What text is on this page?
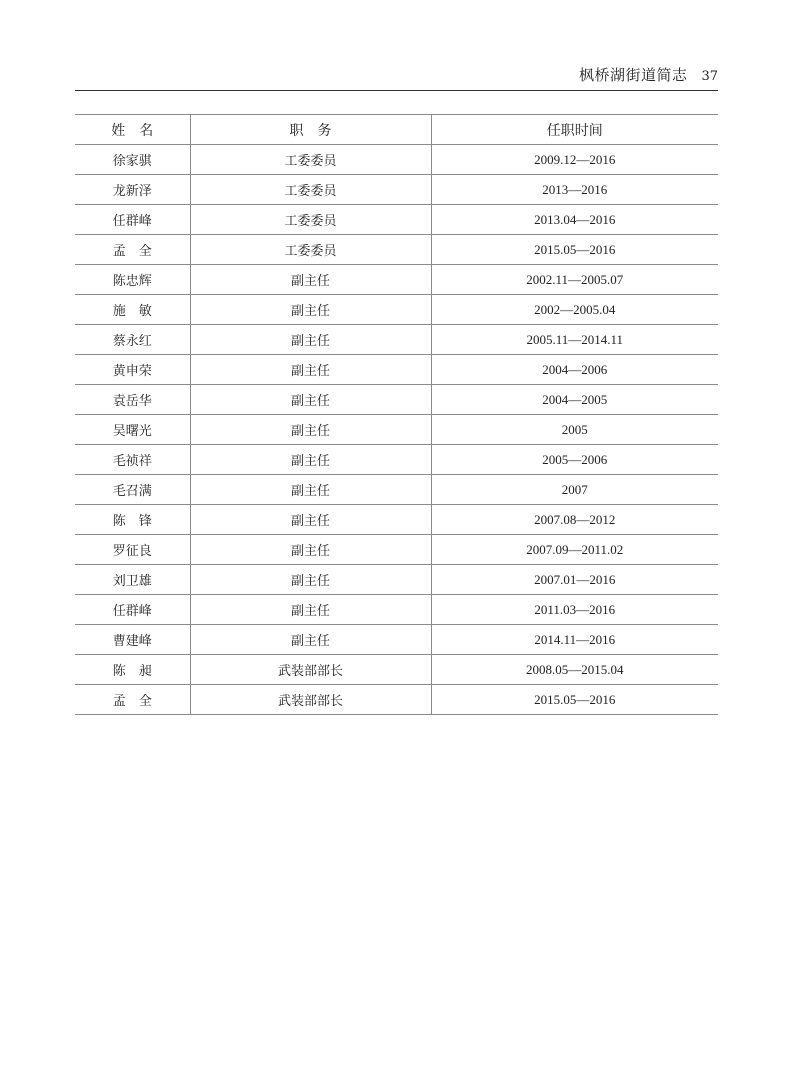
枫桥湖街道简志 37
姓　名	职　务	任职时间
徐家骐	工委委员	2009.12—2016
龙新泽	工委委员	2013—2016
任群峰	工委委员	2013.04—2016
孟　全	工委委员	2015.05—2016
陈忠辉	副主任	2002.11—2005.07
施　敏	副主任	2002—2005.04
蔡永红	副主任	2005.11—2014.11
黄申荣	副主任	2004—2006
袁岳华	副主任	2004—2005
吴曙光	副主任	2005
毛祯祥	副主任	2005—2006
毛召满	副主任	2007
陈　锋	副主任	2007.08—2012
罗征良	副主任	2007.09—2011.02
刘卫雄	副主任	2007.01—2016
任群峰	副主任	2011.03—2016
曹建峰	副主任	2014.11—2016
陈　昶	武装部部长	2008.05—2015.04
孟　全	武装部部长	2015.05—2016
